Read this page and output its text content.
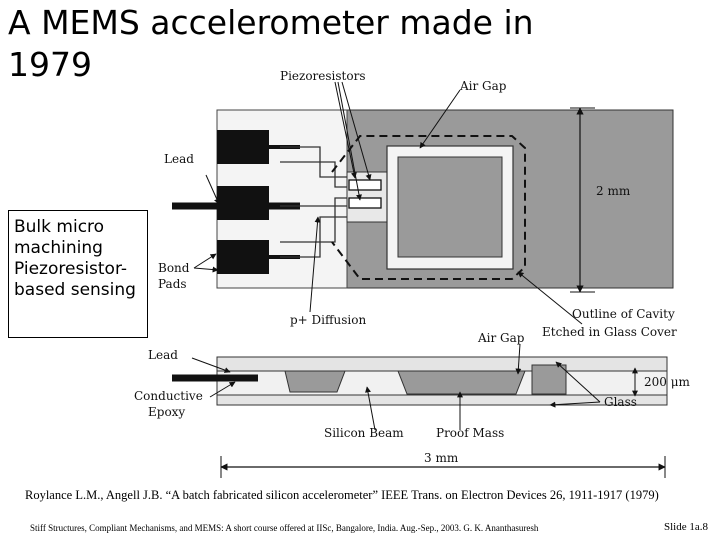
A MEMS accelerometer made in
1979	Piezoresistors
Air Gap
Lead
2 mm
Bond
Pads
p+ Diffusion	Outline of Cavity
Etched in Glass Cover
Air Gap
Lead
Conductive
Epoxy
200 μm
Glass
Silicon Beam	Proof Mass
3 mm
Bulk micro
machining
Piezoresistor-
based sensing
Roylance L.M., Angell J.B. “A batch fabricated silicon accelerometer” IEEE Trans. on Electron Devices 26, 1911-1917 (1979)
Stiff Structures, Compliant Mechanisms, and MEMS: A short course offered at IISc, Bangalore, India. Aug.-Sep., 2003. G. K. Ananthasuresh	Slide 1a.8
